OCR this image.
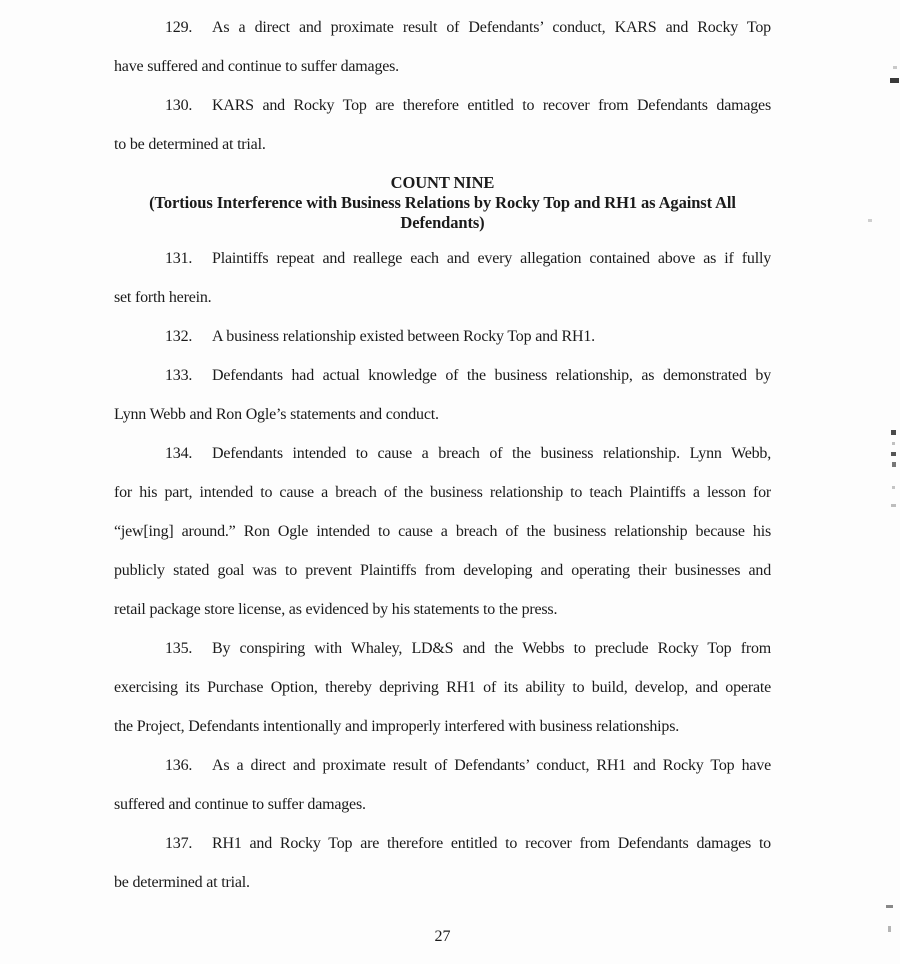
129. As a direct and proximate result of Defendants’ conduct, KARS and Rocky Top
have suffered and continue to suffer damages.
130. KARS and Rocky Top are therefore entitled to recover from Defendants damages
to be determined at trial.
COUNT NINE
(Tortious Interference with Business Relations by Rocky Top and RH1 as Against All
Defendants)
131. Plaintiffs repeat and reallege each and every allegation contained above as if fully
set forth herein.
132. A business relationship existed between Rocky Top and RH1.
133. Defendants had actual knowledge of the business relationship, as demonstrated by
Lynn Webb and Ron Ogle’s statements and conduct.
134. Defendants intended to cause a breach of the business relationship. Lynn Webb,
for his part, intended to cause a breach of the business relationship to teach Plaintiffs a lesson for
“jew[ing] around.” Ron Ogle intended to cause a breach of the business relationship because his
publicly stated goal was to prevent Plaintiffs from developing and operating their businesses and
retail package store license, as evidenced by his statements to the press.
135. By conspiring with Whaley, LD&S and the Webbs to preclude Rocky Top from
exercising its Purchase Option, thereby depriving RH1 of its ability to build, develop, and operate
the Project, Defendants intentionally and improperly interfered with business relationships.
136. As a direct and proximate result of Defendants’ conduct, RH1 and Rocky Top have
suffered and continue to suffer damages.
137. RH1 and Rocky Top are therefore entitled to recover from Defendants damages to
be determined at trial.
27
